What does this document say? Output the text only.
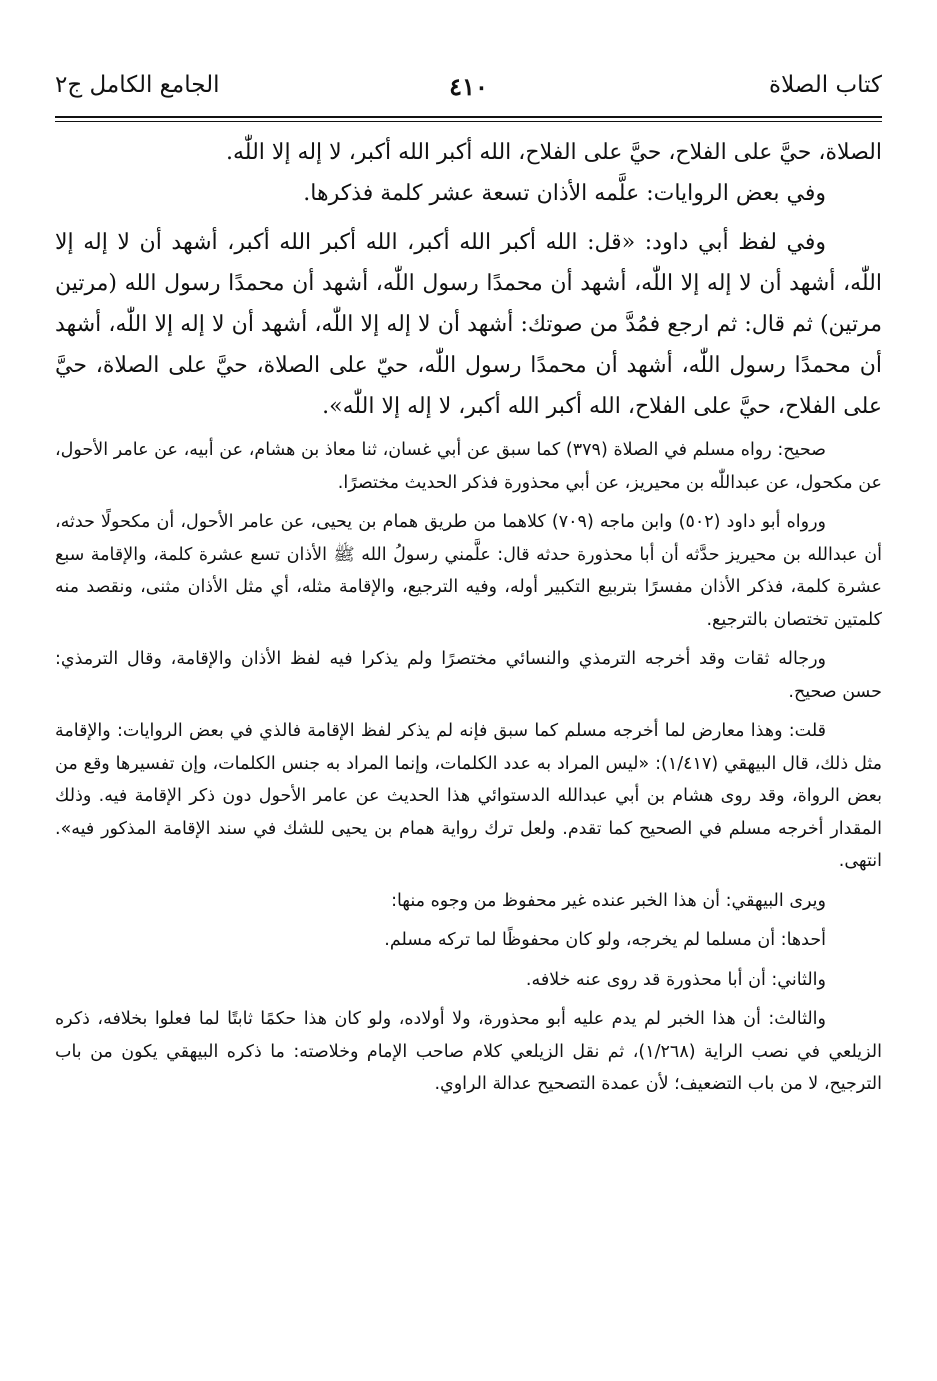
الجامع الكامل ج٢	٤١٠	كتاب الصلاة

الصلاة، حيَّ على الفلاح، حيَّ على الفلاح، الله أكبر الله أكبر، لا إله إلا اللّٰه.

وفي بعض الروايات: علَّمه الأذان تسعة عشر كلمة فذكرها.

وفي لفظ أبي داود: «قل: الله أكبر الله أكبر، الله أكبر الله أكبر، أشهد أن لا إله إلا اللّٰه، أشهد أن لا إله إلا اللّٰه، أشهد أن محمدًا رسول اللّٰه، أشهد أن محمدًا رسول الله (مرتين مرتين) ثم قال: ثم ارجع فمُدَّ من صوتك: أشهد أن لا إله إلا اللّٰه، أشهد أن لا إله إلا اللّٰه، أشهد أن محمدًا رسول اللّٰه، أشهد أن محمدًا رسول اللّٰه، حيّ على الصلاة، حيَّ على الصلاة، حيَّ على الفلاح، حيَّ على الفلاح، الله أكبر الله أكبر، لا إله إلا اللّٰه».

صحيح: رواه مسلم في الصلاة (٣٧٩) كما سبق عن أبي غسان، ثنا معاذ بن هشام، عن أبيه، عن عامر الأحول، عن مكحول، عن عبداللّٰه بن محيريز، عن أبي محذورة فذكر الحديث مختصرًا.

ورواه أبو داود (٥٠٢) وابن ماجه (٧٠٩) كلاهما من طريق همام بن يحيى، عن عامر الأحول، أن مكحولًا حدثه، أن عبدالله بن محيريز حدَّثه أن أبا محذورة حدثه قال: علَّمني رسولُ الله ﷺ الأذان تسع عشرة كلمة، والإقامة سبع عشرة كلمة، فذكر الأذان مفسرًا بتربيع التكبير أوله، وفيه الترجيع، والإقامة مثله، أي مثل الأذان مثنى، ونقصد منه كلمتين تختصان بالترجيع.

ورجاله ثقات وقد أخرجه الترمذي والنسائي مختصرًا ولم يذكرا فيه لفظ الأذان والإقامة، وقال الترمذي: حسن صحيح.

قلت: وهذا معارض لما أخرجه مسلم كما سبق فإنه لم يذكر لفظ الإقامة فالذي في بعض الروايات: والإقامة مثل ذلك، قال البيهقي (١/٤١٧): «ليس المراد به عدد الكلمات، وإنما المراد به جنس الكلمات، وإن تفسيرها وقع من بعض الرواة، وقد روى هشام بن أبي عبدالله الدستوائي هذا الحديث عن عامر الأحول دون ذكر الإقامة فيه. وذلك المقدار أخرجه مسلم في الصحيح كما تقدم. ولعل ترك رواية همام بن يحيى للشك في سند الإقامة المذكور فيه». انتهى.

ويرى البيهقي: أن هذا الخبر عنده غير محفوظ من وجوه منها:

أحدها: أن مسلما لم يخرجه، ولو كان محفوظًا لما تركه مسلم.

والثاني: أن أبا محذورة قد روى عنه خلافه.

والثالث: أن هذا الخبر لم يدم عليه أبو محذورة، ولا أولاده، ولو كان هذا حكمًا ثابتًا لما فعلوا بخلافه، ذكره الزيلعي في نصب الراية (١/٢٦٨)، ثم نقل الزيلعي كلام صاحب الإمام وخلاصته: ما ذكره البيهقي يكون من باب الترجيح، لا من باب التضعيف؛ لأن عمدة التصحيح عدالة الراوي.
